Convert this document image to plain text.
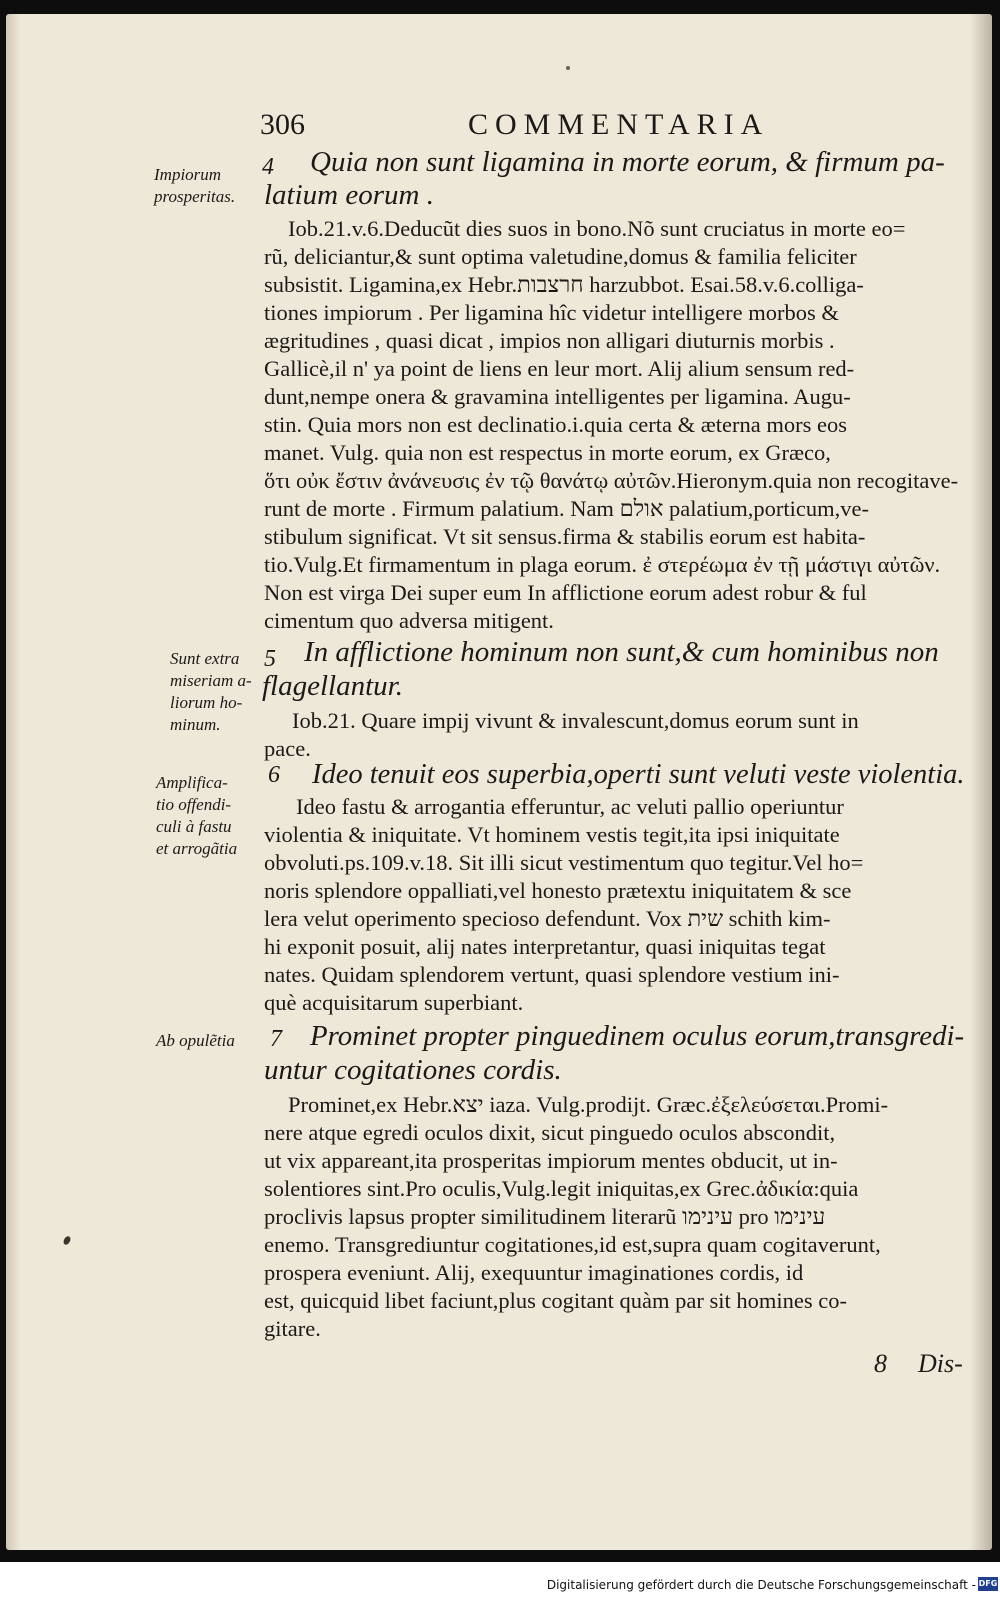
306	COMMENTARIA
Impiorum
prosperitas.
4 Quia non sunt ligamina in morte eorum, & firmum pa-
latium eorum .
Iob.21.v.6.Deducũt dies suos in bono.Nõ sunt cruciatus in morte eo=
rũ, deliciantur,& sunt optima valetudine,domus & familia feliciter
subsistit. Ligamina,ex Hebr.חרצבות harzubbot. Esai.58.v.6.colliga-
tiones impiorum . Per ligamina hîc videtur intelligere morbos &
ægritudines , quasi dicat , impios non alligari diuturnis morbis .
Gallicè,il n' ya point de liens en leur mort. Alij alium sensum red-
dunt,nempe onera & gravamina intelligentes per ligamina. Augu-
stin. Quia mors non est declinatio.i.quia certa & æterna mors eos
manet. Vulg. quia non est respectus in morte eorum, ex Græco,
ὅτι οὐκ ἔστιν ἀνάνευσις ἐν τῷ θανάτῳ αὐτῶν.Hieronym.quia non recogitave-
runt de morte . Firmum palatium. Nam אולם palatium,porticum,ve-
stibulum significat. Vt sit sensus.firma & stabilis eorum est habita-
tio.Vulg.Et firmamentum in plaga eorum. ἐ στερέωμα ἐν τῇ μάστιγι αὐτῶν.
Non est virga Dei super eum In afflictione eorum adest robur & ful
cimentum quo adversa mitigent.
Sunt extra
miseriam a-
liorum ho-
minum.
5 In afflictione hominum non sunt,& cum hominibus non
flagellantur.
Iob.21. Quare impij vivunt & invalescunt,domus eorum sunt in
pace.
Amplifica-
tio offendi-
culi à fastu
et arrogãtia
6 Ideo tenuit eos superbia,operti sunt veluti veste violentia.
Ideo fastu & arrogantia efferuntur, ac veluti pallio operiuntur
violentia & iniquitate. Vt hominem vestis tegit,ita ipsi iniquitate
obvoluti.ps.109.v.18. Sit illi sicut vestimentum quo tegitur.Vel ho=
noris splendore oppalliati,vel honesto prætextu iniquitatem & sce
lera velut operimento specioso defendunt. Vox שית schith kim-
hi exponit posuit, alij nates interpretantur, quasi iniquitas tegat
nates. Quidam splendorem vertunt, quasi splendore vestium ini-
què acquisitarum superbiant.
Ab opulẽtia 7 Prominet propter pinguedinem oculus eorum,transgredi-
untur cogitationes cordis.
Prominet,ex Hebr.יצא iaza. Vulg.prodijt. Græc.ἐξελεύσεται.Promi-
nere atque egredi oculos dixit, sicut pinguedo oculos abscondit,
ut vix appareant,ita prosperitas impiorum mentes obducit, ut in-
solentiores sint.Pro oculis,Vulg.legit iniquitas,ex Grec.ἀδικία:quia
proclivis lapsus propter similitudinem literarũ עינימו pro עינימו
enemo. Transgrediuntur cogitationes,id est,supra quam cogitaverunt,
prospera eveniunt. Alij, exequuntur imaginationes cordis, id
est, quicquid libet faciunt,plus cogitant quàm par sit homines co-
gitare.
8 Dis-
Digitalisierung gefördert durch die Deutsche Forschungsgemeinschaft - DFG
